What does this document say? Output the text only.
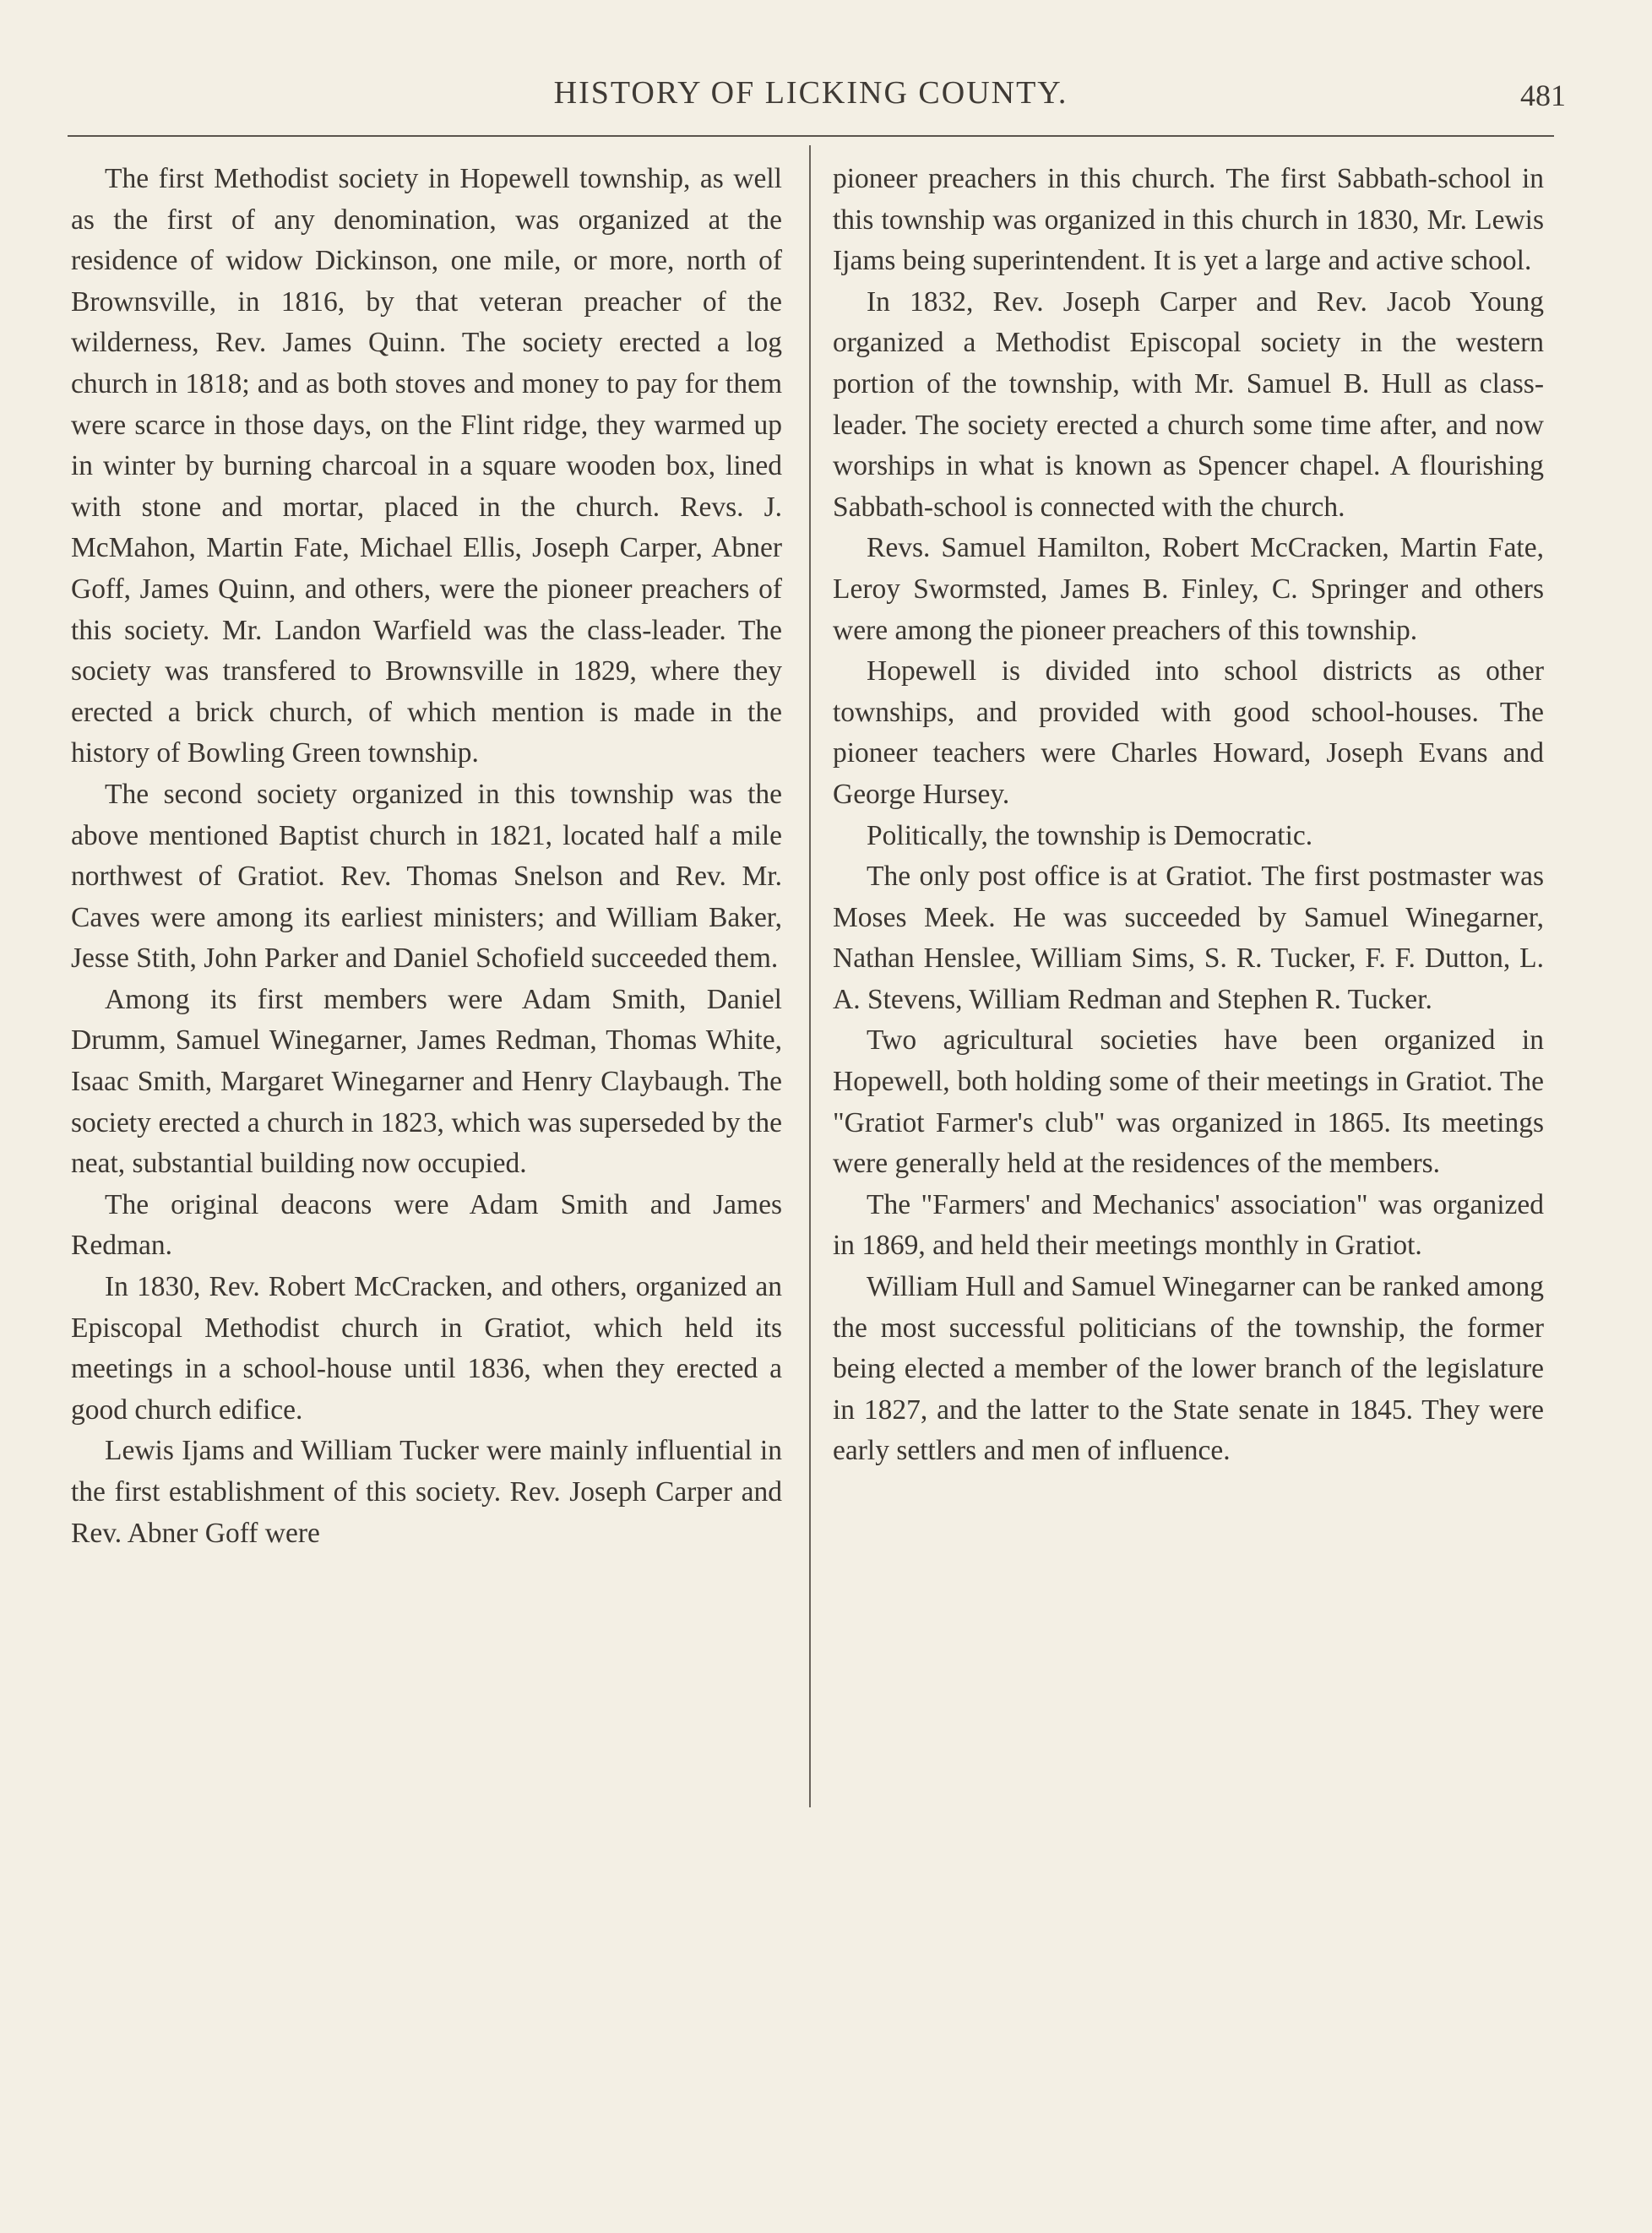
HISTORY OF LICKING COUNTY.	481

The first Methodist society in Hopewell township, as well as the first of any denomination, was organized at the residence of widow Dickinson, one mile, or more, north of Brownsville, in 1816, by that veteran preacher of the wilderness, Rev. James Quinn. The society erected a log church in 1818; and as both stoves and money to pay for them were scarce in those days, on the Flint ridge, they warmed up in winter by burning charcoal in a square wooden box, lined with stone and mortar, placed in the church. Revs. J. McMahon, Martin Fate, Michael Ellis, Joseph Carper, Abner Goff, James Quinn, and others, were the pioneer preachers of this society. Mr. Landon Warfield was the class-leader. The society was transfered to Brownsville in 1829, where they erected a brick church, of which mention is made in the history of Bowling Green township.

The second society organized in this township was the above mentioned Baptist church in 1821, located half a mile northwest of Gratiot. Rev. Thomas Snelson and Rev. Mr. Caves were among its earliest ministers; and William Baker, Jesse Stith, John Parker and Daniel Schofield succeeded them.

Among its first members were Adam Smith, Daniel Drumm, Samuel Winegarner, James Redman, Thomas White, Isaac Smith, Margaret Winegarner and Henry Claybaugh. The society erected a church in 1823, which was superseded by the neat, substantial building now occupied.

The original deacons were Adam Smith and James Redman.

In 1830, Rev. Robert McCracken, and others, organized an Episcopal Methodist church in Gratiot, which held its meetings in a school-house until 1836, when they erected a good church edifice.

Lewis Ijams and William Tucker were mainly influential in the first establishment of this society. Rev. Joseph Carper and Rev. Abner Goff were

pioneer preachers in this church. The first Sabbath-school in this township was organized in this church in 1830, Mr. Lewis Ijams being superintendent. It is yet a large and active school.

In 1832, Rev. Joseph Carper and Rev. Jacob Young organized a Methodist Episcopal society in the western portion of the township, with Mr. Samuel B. Hull as class-leader. The society erected a church some time after, and now worships in what is known as Spencer chapel. A flourishing Sabbath-school is connected with the church.

Revs. Samuel Hamilton, Robert McCracken, Martin Fate, Leroy Swormsted, James B. Finley, C. Springer and others were among the pioneer preachers of this township.

Hopewell is divided into school districts as other townships, and provided with good school-houses. The pioneer teachers were Charles Howard, Joseph Evans and George Hursey.

Politically, the township is Democratic.

The only post office is at Gratiot. The first postmaster was Moses Meek. He was succeeded by Samuel Winegarner, Nathan Henslee, William Sims, S. R. Tucker, F. F. Dutton, L. A. Stevens, William Redman and Stephen R. Tucker.

Two agricultural societies have been organized in Hopewell, both holding some of their meetings in Gratiot. The "Gratiot Farmer's club" was organized in 1865. Its meetings were generally held at the residences of the members.

The "Farmers' and Mechanics' association" was organized in 1869, and held their meetings monthly in Gratiot.

William Hull and Samuel Winegarner can be ranked among the most successful politicians of the township, the former being elected a member of the lower branch of the legislature in 1827, and the latter to the State senate in 1845. They were early settlers and men of influence.
